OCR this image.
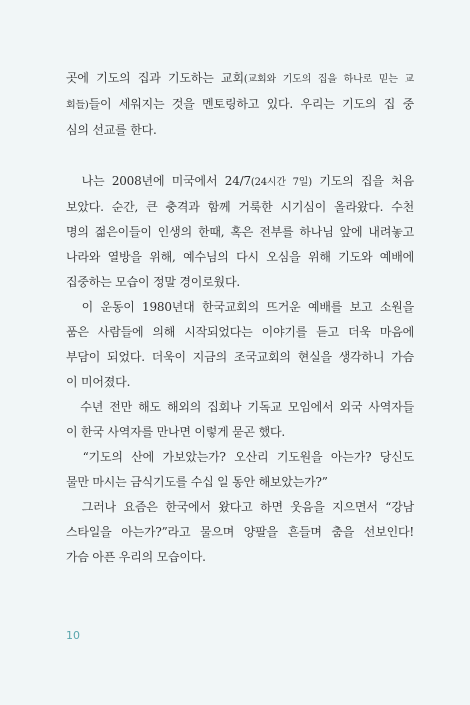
곳에 기도의 집과 기도하는 교회(교회와 기도의 집을 하나로 믿는 교
회들)들이 세워지는 것을 멘토링하고 있다. 우리는 기도의 집 중
심의 선교를 한다.

　나는 2008년에 미국에서 24/7(24시간 7일) 기도의 집을 처음
보았다. 순간, 큰 충격과 함께 거룩한 시기심이 올라왔다. 수천
명의 젊은이들이 인생의 한때, 혹은 전부를 하나님 앞에 내려놓고
나라와 열방을 위해, 예수님의 다시 오심을 위해 기도와 예배에
집중하는 모습이 정말 경이로웠다.

　이 운동이 1980년대 한국교회의 뜨거운 예배를 보고 소원을
품은 사람들에 의해 시작되었다는 이야기를 듣고 더욱 마음에
부담이 되었다. 더욱이 지금의 조국교회의 현실을 생각하니 가슴
이 미어졌다.

　수년 전만 해도 해외의 집회나 기독교 모임에서 외국 사역자들
이 한국 사역자를 만나면 이렇게 묻곤 했다.

　“기도의 산에 가보았는가? 오산리 기도원을 아는가? 당신도
물만 마시는 금식기도를 수십 일 동안 해보았는가?”

　그러나 요즘은 한국에서 왔다고 하면 웃음을 지으면서 “강남
스타일을 아는가?”라고 물으며 양팔을 흔들며 춤을 선보인다!
가슴 아픈 우리의 모습이다.

10
